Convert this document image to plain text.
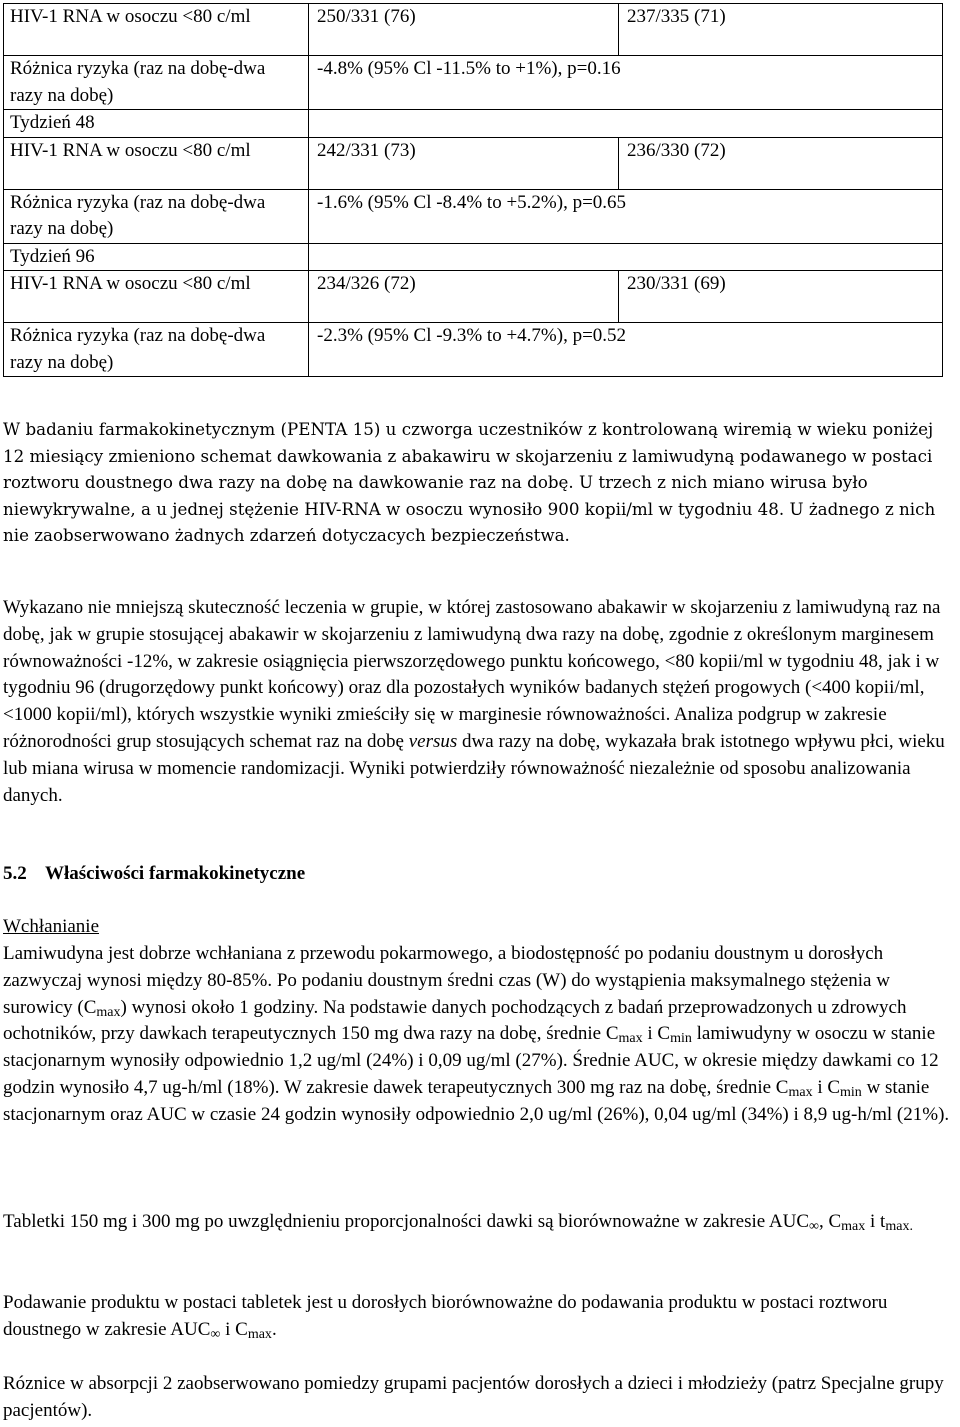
HIV-1 RNA w osoczu <80 c/ml	250/331 (76)	237/335 (71)
Różnica ryzyka (raz na dobę-dwa razy na dobę)	-4.8% (95% Cl -11.5% to +1%), p=0.16	
Tydzień 48		
HIV-1 RNA w osoczu <80 c/ml	242/331 (73)	236/330 (72)
Różnica ryzyka (raz na dobę-dwa razy na dobę)	-1.6% (95% Cl -8.4% to +5.2%), p=0.65	
Tydzień 96		
HIV-1 RNA w osoczu <80 c/ml	234/326 (72)	230/331 (69)
Różnica ryzyka (raz na dobę-dwa razy na dobę)	-2.3% (95% Cl -9.3% to +4.7%), p=0.52	

W badaniu farmakokinetycznym (PENTA 15) u czworga uczestników z kontrolowaną wiremią w wieku poniżej 12 miesiący zmieniono schemat dawkowania z abakawiru w skojarzeniu z lamiwudyną podawanego w postaci roztworu doustnego dwa razy na dobę na dawkowanie raz na dobę. U trzech z nich miano wirusa było niewykrywalne, a u jednej stężenie HIV-RNA w osoczu wynosiło 900 kopii/ml w tygodniu 48. U żadnego z nich nie zaobserwowano żadnych zdarzeń dotyczacych bezpieczeństwa.

Wykazano nie mniejszą skuteczność leczenia w grupie, w której zastosowano abakawir w skojarzeniu z lamiwudyną raz na dobę, jak w grupie stosującej abakawir w skojarzeniu z lamiwudyną dwa razy na dobę, zgodnie z określonym marginesem równoważności -12%, w zakresie osiągnięcia pierwszorzędowego punktu końcowego, <80 kopii/ml w tygodniu 48, jak i w tygodniu 96 (drugorzędowy punkt końcowy) oraz dla pozostałych wyników badanych stężeń progowych (<400 kopii/ml, <1000 kopii/ml), których wszystkie wyniki zmieściły się w marginesie równoważności. Analiza podgrup w zakresie różnorodności grup stosujących schemat raz na dobę versus dwa razy na dobę, wykazała brak istotnego wpływu płci, wieku lub miana wirusa w momencie randomizacji. Wyniki potwierdziły równoważność niezależnie od sposobu analizowania danych.

5.2 Właściwości farmakokinetyczne
Wchłanianie

Lamiwudyna jest dobrze wchłaniana z przewodu pokarmowego, a biodostępność po podaniu doustnym u dorosłych zazwyczaj wynosi między 80-85%. Po podaniu doustnym średni czas (W) do wystąpienia maksymalnego stężenia w surowicy $(C_{max})$ wynosi około 1 godziny. Na podstawie danych pochodzących z badań przeprowadzonych u zdrowych ochotników, przy dawkach terapeutycznych 150 mg dwa razy na dobę, średnie $C_{max}$ i $C_{min}$ lamiwudyny w osoczu w stanie stacjonarnym wynosiły odpowiednio 1,2 ug/ml (24%) i 0,09 ug/ml (27%). Średnie AUC, w okresie między dawkami co 12 godzin wynosiło 4,7 ug-h/ml (18%). W zakresie dawek terapeutycznych 300 mg raz na dobę, średnie $C_{max}$ i $C_{min}$ w stanie stacjonarnym oraz AUC w czasie 24 godzin wynosiły odpowiednio 2,0 ug/ml (26%), 0,04 ug/ml (34%) i 8,9 ug-h/ml (21%).

Tabletki 150 mg i 300 mg po uwzględnieniu proporcjonalności dawki są biorównoważne w zakresie AUC∞, $C_{max}$ i $t_{max.}$

Podawanie produktu w postaci tabletek jest u dorosłych biorównoważne do podawania produktu w postaci roztworu doustnego w zakresie AUC∞ i $C_{max}$.

Róznice w absorpcji 2 zaobserwowano pomiedzy grupami pacjentów dorosłych a dzieci i młodzieży (patrz Specjalne grupy pacjentów).
